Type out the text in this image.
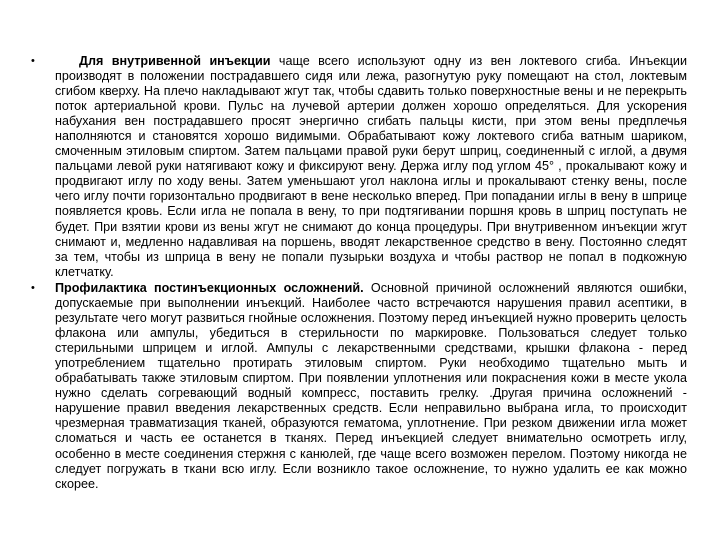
•	Для внутривенной инъекции чаще всего используют одну из вен локтевого сгиба. Инъекции производят в положении пострадавшего сидя или лежа, разогнутую руку помещают на стол, локтевым сгибом кверху. На плечо накладывают жгут так, чтобы сдавить только поверхностные вены и не перекрыть поток артериальной крови. Пульс на лучевой артерии должен хорошо определяться. Для ускорения набухания вен пострадавшего просят энергично сгибать пальцы кисти, при этом вены предплечья наполняются и становятся хорошо видимыми. Обрабатывают кожу локтевого сгиба ватным шариком, смоченным этиловым спиртом. Затем пальцами правой руки берут шприц, соединенный с иглой, а двумя пальцами левой руки натягивают кожу и фиксируют вену. Держа иглу под углом 45° , прокалывают кожу и продвигают иглу по ходу вены. Затем уменьшают угол наклона иглы и прокалывают стенку вены, после чего иглу почти горизонтально продвигают в вене несколько вперед. При попадании иглы в вену в шприце появляется кровь. Если игла не попала в вену, то при подтягивании поршня кровь в шприц поступать не будет. При взятии крови из вены жгут не снимают до конца процедуры. При внутривенном инъекции жгут снимают и, медленно надавливая на поршень, вводят лекарственное средство в вену. Постоянно следят за тем, чтобы из шприца в вену не попали пузырьки воздуха и чтобы раствор не попал в подкожную клетчатку.
• Профилактика постинъекционных осложнений. Основной причиной осложнений являются ошибки, допускаемые при выполнении инъекций. Наиболее часто встречаются нарушения правил асептики, в результате чего могут развиться гнойные осложнения. Поэтому перед инъекцией нужно проверить целость флакона или ампулы, убедиться в стерильности по маркировке. Пользоваться следует только стерильными шприцем и иглой. Ампулы с лекарственными средствами, крышки флакона - перед употреблением тщательно протирать этиловым спиртом. Руки необходимо тщательно мыть и обрабатывать также этиловым спиртом. При появлении уплотнения или покраснения кожи в месте укола нужно сделать согревающий водный компресс, поставить грелку. .Другая причина осложнений - нарушение правил введения лекарственных средств. Если неправильно выбрана игла, то происходит чрезмерная травматизация тканей, образуются гематома, уплотнение. При резком движении игла может сломаться и часть ее останется в тканях. Перед инъекцией следует внимательно осмотреть иглу, особенно в месте соединения стержня с канюлей, где чаще всего возможен перелом. Поэтому никогда не следует погружать в ткани всю иглу. Если возникло такое осложнение, то нужно удалить ее как можно скорее.
